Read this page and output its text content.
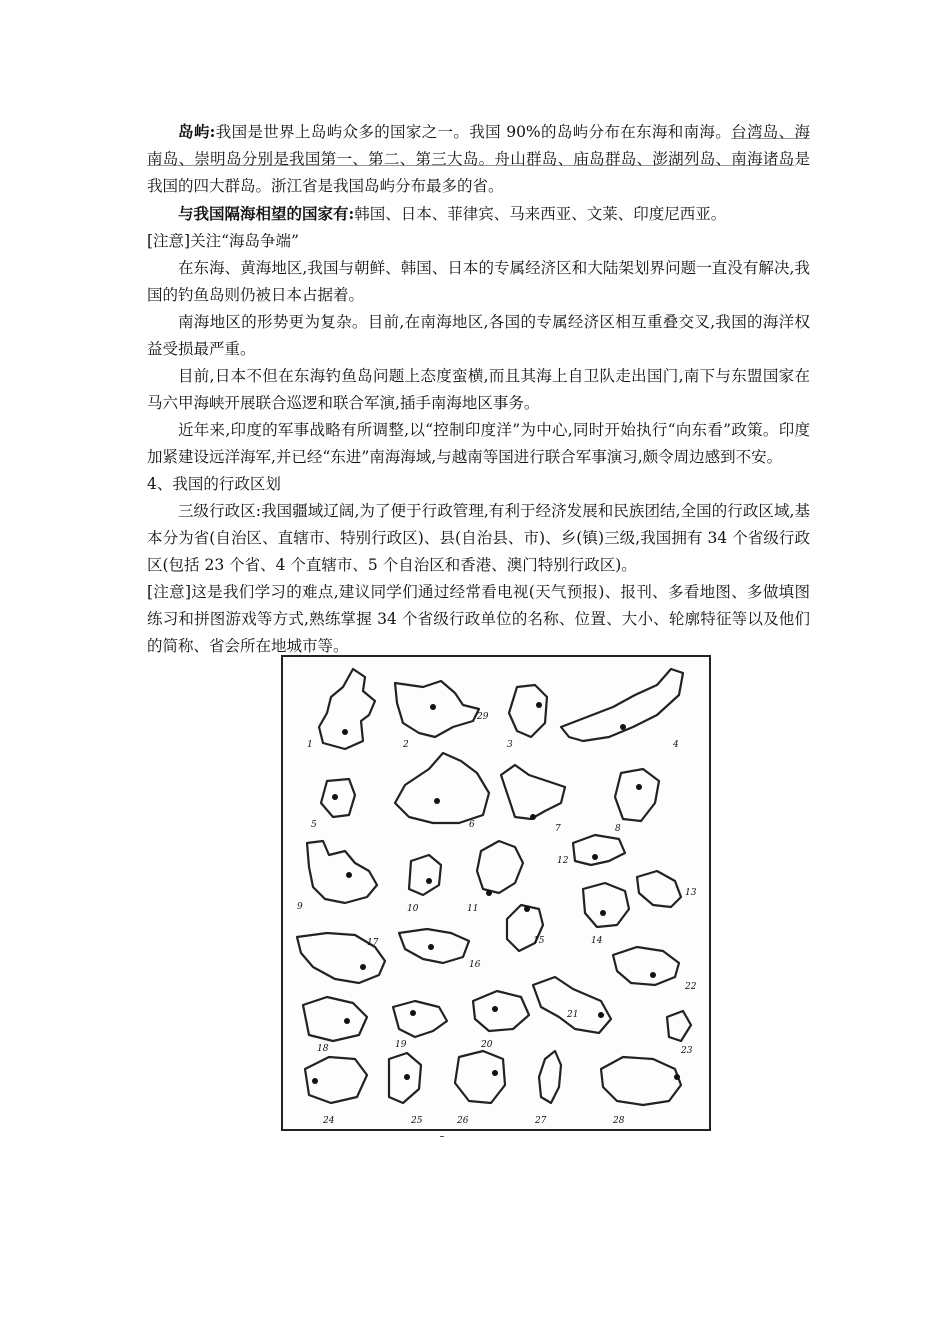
岛屿:我国是世界上岛屿众多的国家之一。我国 90%的岛屿分布在东海和南海。台湾岛、海南岛、崇明岛分别是我国第一、第二、第三大岛。舟山群岛、庙岛群岛、澎湖列岛、南海诸岛是我国的四大群岛。浙江省是我国岛屿分布最多的省。

与我国隔海相望的国家有:韩国、日本、菲律宾、马来西亚、文莱、印度尼西亚。

[注意]关注“海岛争端”

在东海、黄海地区,我国与朝鲜、韩国、日本的专属经济区和大陆架划界问题一直没有解决,我国的钓鱼岛则仍被日本占据着。

南海地区的形势更为复杂。目前,在南海地区,各国的专属经济区相互重叠交叉,我国的海洋权益受损最严重。

目前,日本不但在东海钓鱼岛问题上态度蛮横,而且其海上自卫队走出国门,南下与东盟国家在马六甲海峡开展联合巡逻和联合军演,插手南海地区事务。

近年来,印度的军事战略有所调整,以“控制印度洋”为中心,同时开始执行“向东看”政策。印度加紧建设远洋海军,并已经“东进”南海海域,与越南等国进行联合军事演习,颇令周边感到不安。

4、我国的行政区划

三级行政区:我国疆域辽阔,为了便于行政管理,有利于经济发展和民族团结,全国的行政区域,基本分为省(自治区、直辖市、特别行政区)、县(自治县、市)、乡(镇)三级,我国拥有 34 个省级行政区(包括 23 个省、4 个直辖市、5 个自治区和香港、澳门特别行政区)。

[注意]这是我们学习的难点,建议同学们通过经常看电视(天气预报)、报刊、多看地图、多做填图练习和拼图游戏等方式,熟练掌握 34 个省级行政单位的名称、位置、大小、轮廓特征等以及他们的简称、省会所在地城市等。

1	2
29
3	4
5	6	7	8
9	10	11
12
13
14
15
16
17
18	19	20
21
22
23
24	25	26	27	28
